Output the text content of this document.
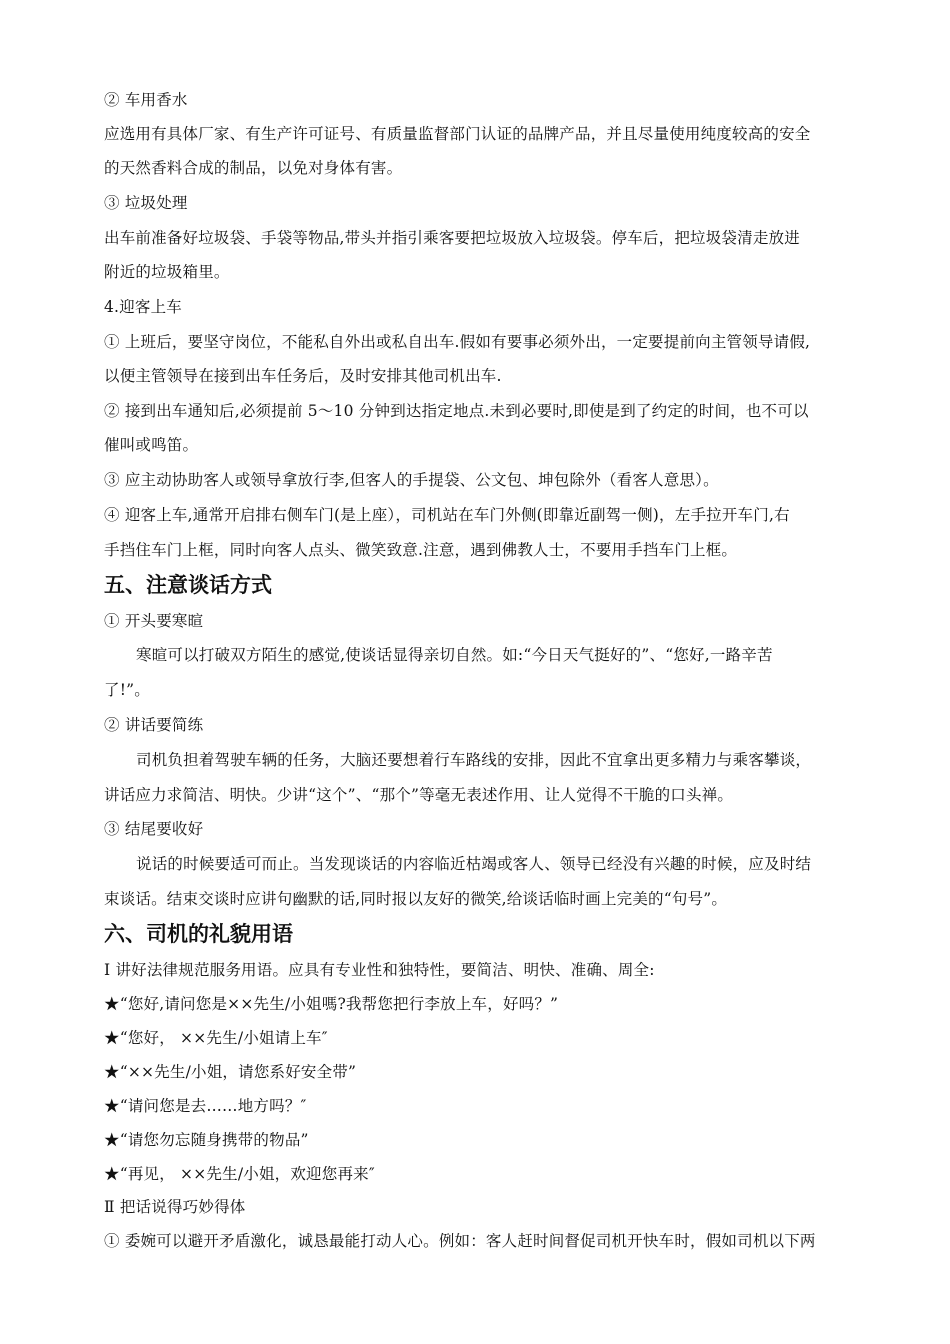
② 车用香水
应选用有具体厂家、有生产许可证号、有质量监督部门认证的品牌产品，并且尽量使用纯度较高的安全
的天然香料合成的制品，以免对身体有害。
③ 垃圾处理
出车前准备好垃圾袋、手袋等物品,带头并指引乘客要把垃圾放入垃圾袋。停车后，把垃圾袋清走放进
附近的垃圾箱里。
4.迎客上车
① 上班后，要坚守岗位，不能私自外出或私自出车.假如有要事必须外出，一定要提前向主管领导请假,
以便主管领导在接到出车任务后，及时安排其他司机出车.
② 接到出车通知后,必须提前 5～10 分钟到达指定地点.未到必要时,即使是到了约定的时间，也不可以
催叫或鸣笛。
③ 应主动协助客人或领导拿放行李,但客人的手提袋、公文包、坤包除外（看客人意思）。
④ 迎客上车,通常开启排右侧车门(是上座），司机站在车门外侧(即靠近副驾一侧)，左手拉开车门,右
手挡住车门上框，同时向客人点头、微笑致意.注意，遇到佛教人士，不要用手挡车门上框。
五、注意谈话方式
① 开头要寒暄
寒暄可以打破双方陌生的感觉,使谈话显得亲切自然。如:“今日天气挺好的”、“您好,一路辛苦
了!”。
② 讲话要简练
司机负担着驾驶车辆的任务，大脑还要想着行车路线的安排，因此不宜拿出更多精力与乘客攀谈，
讲话应力求简洁、明快。少讲“这个”、“那个”等毫无表述作用、让人觉得不干脆的口头禅。
③ 结尾要收好
说话的时候要适可而止。当发现谈话的内容临近枯竭或客人、领导已经没有兴趣的时候，应及时结
束谈话。结束交谈时应讲句幽默的话,同时报以友好的微笑,给谈话临时画上完美的“句号”。
六、司机的礼貌用语
Ⅰ 讲好法律规范服务用语。应具有专业性和独特性，要简洁、明快、准确、周全:
★“您好,请问您是××先生/小姐嗎?我帮您把行李放上车，好吗？”
★“您好， ××先生/小姐请上车″
★“××先生/小姐，请您系好安全带”
★“请问您是去……地方吗？″
★“请您勿忘随身携带的物品”
★“再见， ××先生/小姐，欢迎您再来″
Ⅱ 把话说得巧妙得体
① 委婉可以避开矛盾激化，诚恳最能打动人心。例如：客人赶时间督促司机开快车时，假如司机以下两
